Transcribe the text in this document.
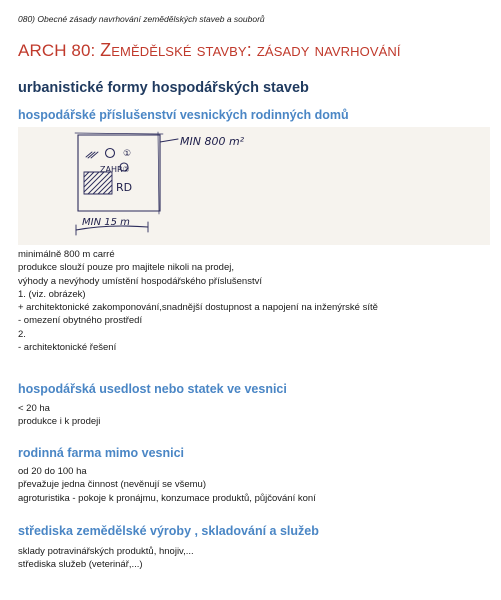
080) Obecné zásady navrhování zemědělských staveb a souborů
ARCH 80: Zemědělské stavby: zásady navrhování
urbanistické formy hospodářských staveb
hospodářské příslušenství vesnických rodinných domů
①
ZAHR②
RD
MIN 800 m²
MIN 15 m
minimálně 800 m carré
produkce slouží pouze pro majitele nikoli na prodej,
výhody a nevýhody umístění hospodářského příslušenství
1. (viz. obrázek)
+ architektonické zakomponování,snadnější dostupnost a napojení na inženýrské sítě
- omezení obytného prostředí
2.
- architektonické řešení
hospodářská usedlost nebo statek ve vesnici
< 20 ha
produkce i k prodeji
rodinná farma mimo vesnici
od 20 do 100 ha
převažuje jedna činnost (nevěnují se všemu)
agroturistika - pokoje k pronájmu, konzumace produktů, půjčování koní
střediska zemědělské výroby , skladování a služeb
sklady potravinářských produktů, hnojiv,...
střediska služeb (veterinář,...)
